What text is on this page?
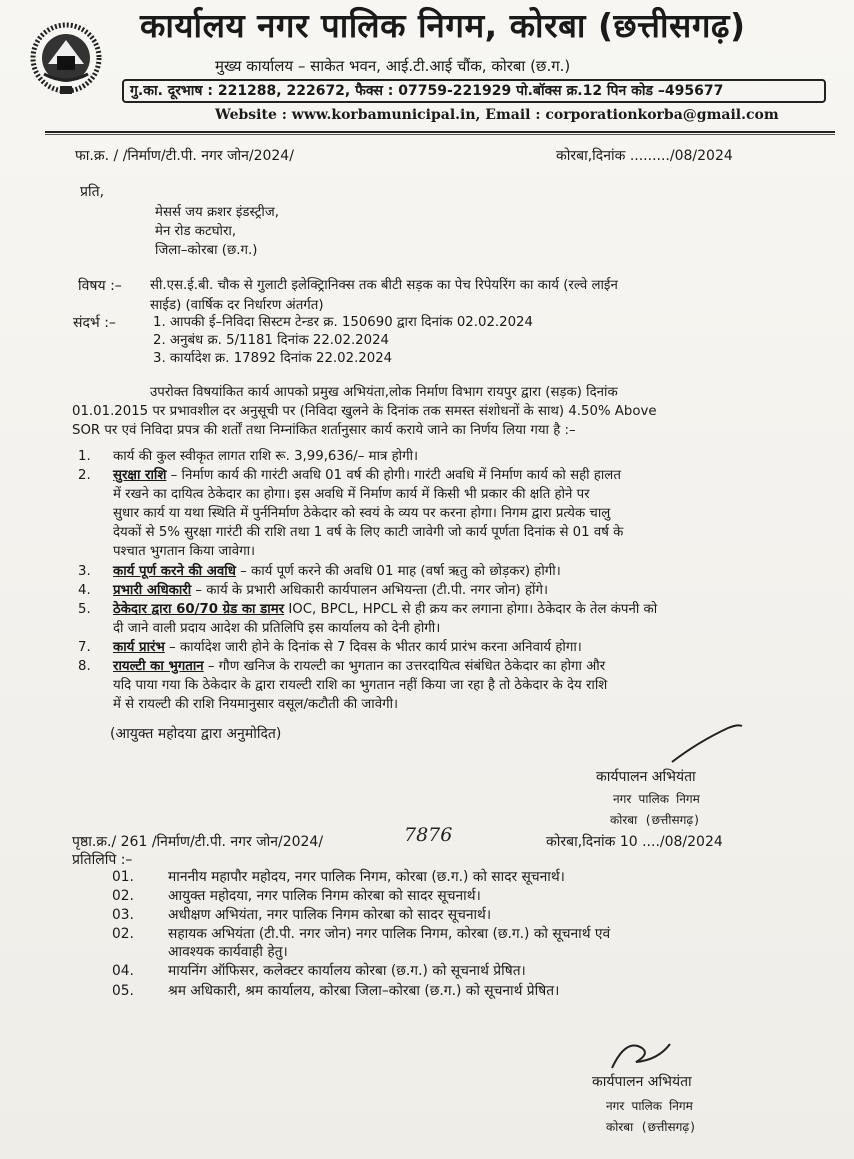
कार्यालय नगर पालिक निगम, कोरबा (छत्तीसगढ़)
मुख्य कार्यालय – साकेत भवन, आई.टी.आई चौंक, कोरबा (छ.ग.)
गु.का. दूरभाष : 221288, 222672, फैक्स : 07759-221929 पो.बॉक्स क्र.12 पिन कोड –495677
Website : www.korbamunicipal.in, Email : corporationkorba@gmail.com
फा.क्र. / /निर्माण/टी.पी. नगर जोन/2024/	कोरबा,दिनांक ........./08/2024
प्रति,
मेसर्स जय क्रशर इंडस्ट्रीज,
मेन रोड कटघोरा,
जिला–कोरबा (छ.ग.)
विषय :– सी.एस.ई.बी. चौक से गुलाटी इलेक्ट्रिानिक्स तक बीटी सड़क का पेच रिपेयरिंग का कार्य (रल्वे लाईन
साईड) (वार्षिक दर निर्धारण अंतर्गत)
संदर्भ :–	1. आपकी ई–निविदा सिस्टम टेन्डर क्र. 150690 द्वारा दिनांक 02.02.2024
2. अनुबंध क्र. 5/1181 दिनांक 22.02.2024
3. कार्यादेश क्र. 17892 दिनांक 22.02.2024
उपरोक्त विषयांकित कार्य आपको प्रमुख अभियंता,लोक निर्माण विभाग रायपुर द्वारा (सड़क) दिनांक
01.01.2015 पर प्रभावशील दर अनुसूची पर (निविदा खुलने के दिनांक तक समस्त संशोधनों के साथ) 4.50% Above
SOR पर एवं निविदा प्रपत्र की शर्तों तथा निम्नांकित शर्तानुसार कार्य कराये जाने का निर्णय लिया गया है :–
1. कार्य की कुल स्वीकृत लागत राशि रू. 3,99,636/– मात्र होगी।
2. सुरक्षा राशि – निर्माण कार्य की गारंटी अवधि 01 वर्ष की होगी। गारंटी अवधि में निर्माण कार्य को सही हालत
में रखने का दायित्व ठेकेदार का होगा। इस अवधि में निर्माण कार्य में किसी भी प्रकार की क्षति होने पर
सुधार कार्य या यथा स्थिति में पुर्ननिर्माण ठेकेदार को स्वयं के व्यय पर करना होगा। निगम द्वारा प्रत्येक चालु
देयकों से 5% सुरक्षा गारंटी की राशि तथा 1 वर्ष के लिए काटी जावेगी जो कार्य पूर्णता दिनांक से 01 वर्ष के
पश्चात भुगतान किया जावेगा।
3. कार्य पूर्ण करने की अवधि – कार्य पूर्ण करने की अवधि 01 माह (वर्षा ऋतु को छोड़कर) होगी।
4. प्रभारी अधिकारी – कार्य के प्रभारी अधिकारी कार्यपालन अभियन्ता (टी.पी. नगर जोन) होंगे।
5. ठेकेदार द्वारा 60/70 ग्रेड का डामर IOC, BPCL, HPCL से ही क्रय कर लगाना होगा। ठेकेदार के तेल कंपनी को
दी जाने वाली प्रदाय आदेश की प्रतिलिपि इस कार्यालय को देनी होगी।
7. कार्य प्रारंभ – कार्यादेश जारी होने के दिनांक से 7 दिवस के भीतर कार्य प्रारंभ करना अनिवार्य होगा।
8. रायल्टी का भुगतान – गौण खनिज के रायल्टी का भुगतान का उत्तरदायित्व संबंधित ठेकेदार का होगा और
यदि पाया गया कि ठेकेदार के द्वारा रायल्टी राशि का भुगतान नहीं किया जा रहा है तो ठेकेदार के देय राशि
में से रायल्टी की राशि नियमानुसार वसूल/कटौती की जावेगी।
(आयुक्त महोदया द्वारा अनुमोदित)
कार्यपालन अभियंता
नगर पालिक निगम
कोरबा (छत्तीसगढ़)
पृष्ठा.क्र./ 261 /निर्माण/टी.पी. नगर जोन/2024/	7876	कोरबा,दिनांक 10 ..../08/2024
प्रतिलिपि :–
01. माननीय महापौर महोदय, नगर पालिक निगम, कोरबा (छ.ग.) को सादर सूचनार्थ।
02. आयुक्त महोदया, नगर पालिक निगम कोरबा को सादर सूचनार्थ।
03. अधीक्षण अभियंता, नगर पालिक निगम कोरबा को सादर सूचनार्थ।
02. सहायक अभियंता (टी.पी. नगर जोन) नगर पालिक निगम, कोरबा (छ.ग.) को सूचनार्थ एवं
आवश्यक कार्यवाही हेतु।
04. मायनिंग ऑफिसर, कलेक्टर कार्यालय कोरबा (छ.ग.) को सूचनार्थ प्रेषित।
05. श्रम अधिकारी, श्रम कार्यालय, कोरबा जिला–कोरबा (छ.ग.) को सूचनार्थ प्रेषित।
कार्यपालन अभियंता
नगर पालिक निगम
कोरबा (छत्तीसगढ़)
